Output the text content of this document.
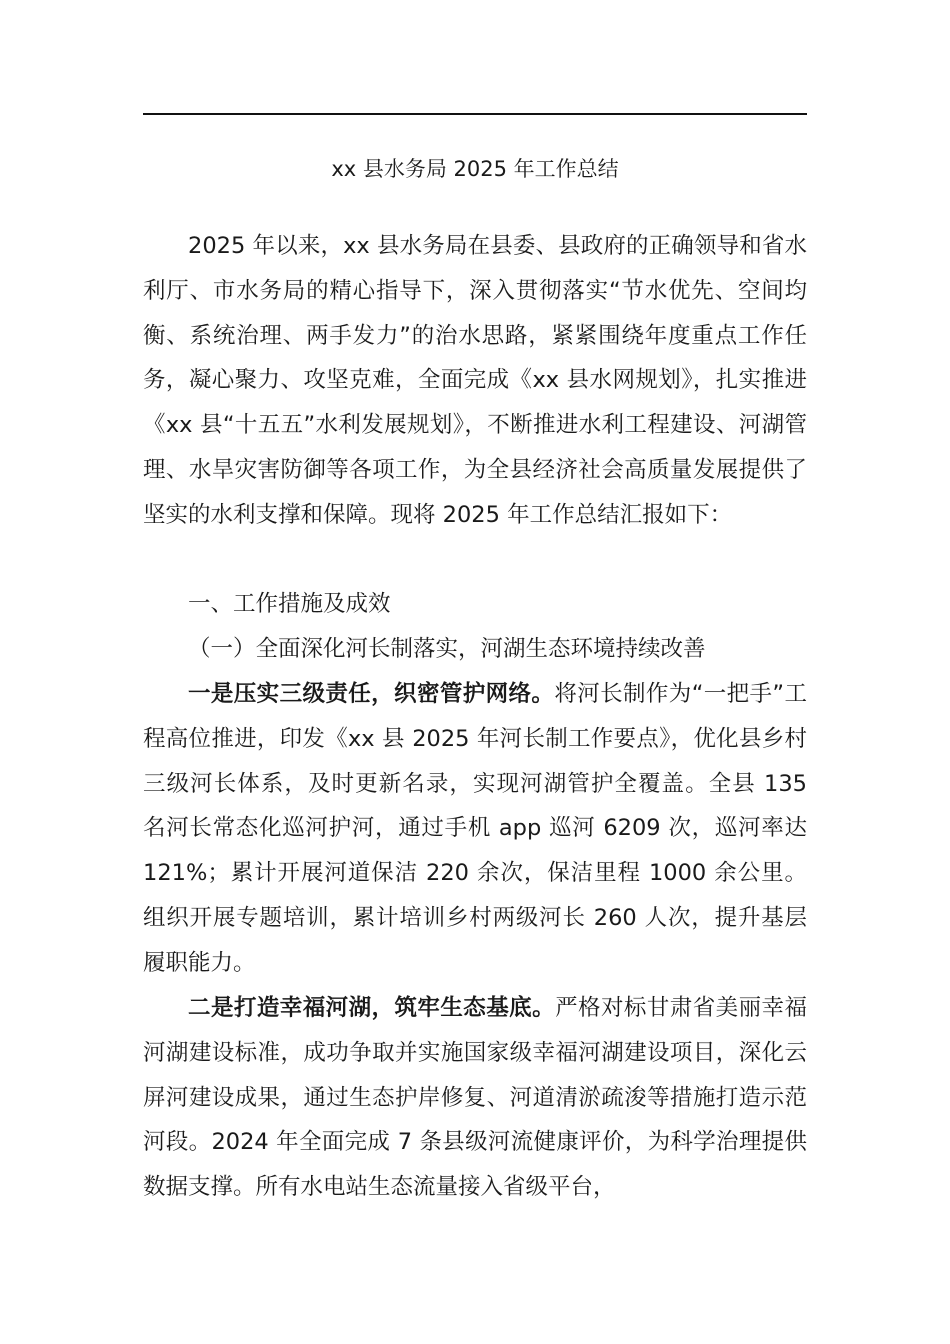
xx 县水务局 2025 年工作总结

2025 年以来，xx 县水务局在县委、县政府的正确领导和省水利厅、市水务局的精心指导下，深入贯彻落实“节水优先、空间均衡、系统治理、两手发力”的治水思路，紧紧围绕年度重点工作任务，凝心聚力、攻坚克难，全面完成《xx 县水网规划》，扎实推进《xx 县“十五五”水利发展规划》，不断推进水利工程建设、河湖管理、水旱灾害防御等各项工作，为全县经济社会高质量发展提供了坚实的水利支撑和保障。现将 2025 年工作总结汇报如下：

一、工作措施及成效

（一）全面深化河长制落实，河湖生态环境持续改善

一是压实三级责任，织密管护网络。将河长制作为“一把手”工程高位推进，印发《xx 县 2025 年河长制工作要点》，优化县乡村三级河长体系，及时更新名录，实现河湖管护全覆盖。全县 135 名河长常态化巡河护河，通过手机 app 巡河 6209 次，巡河率达 121%；累计开展河道保洁 220 余次，保洁里程 1000 余公里。组织开展专题培训，累计培训乡村两级河长 260 人次，提升基层履职能力。

二是打造幸福河湖，筑牢生态基底。严格对标甘肃省美丽幸福河湖建设标准，成功争取并实施国家级幸福河湖建设项目，深化云屏河建设成果，通过生态护岸修复、河道清淤疏浚等措施打造示范河段。2024 年全面完成 7 条县级河流健康评价，为科学治理提供数据支撑。所有水电站生态流量接入省级平台，
